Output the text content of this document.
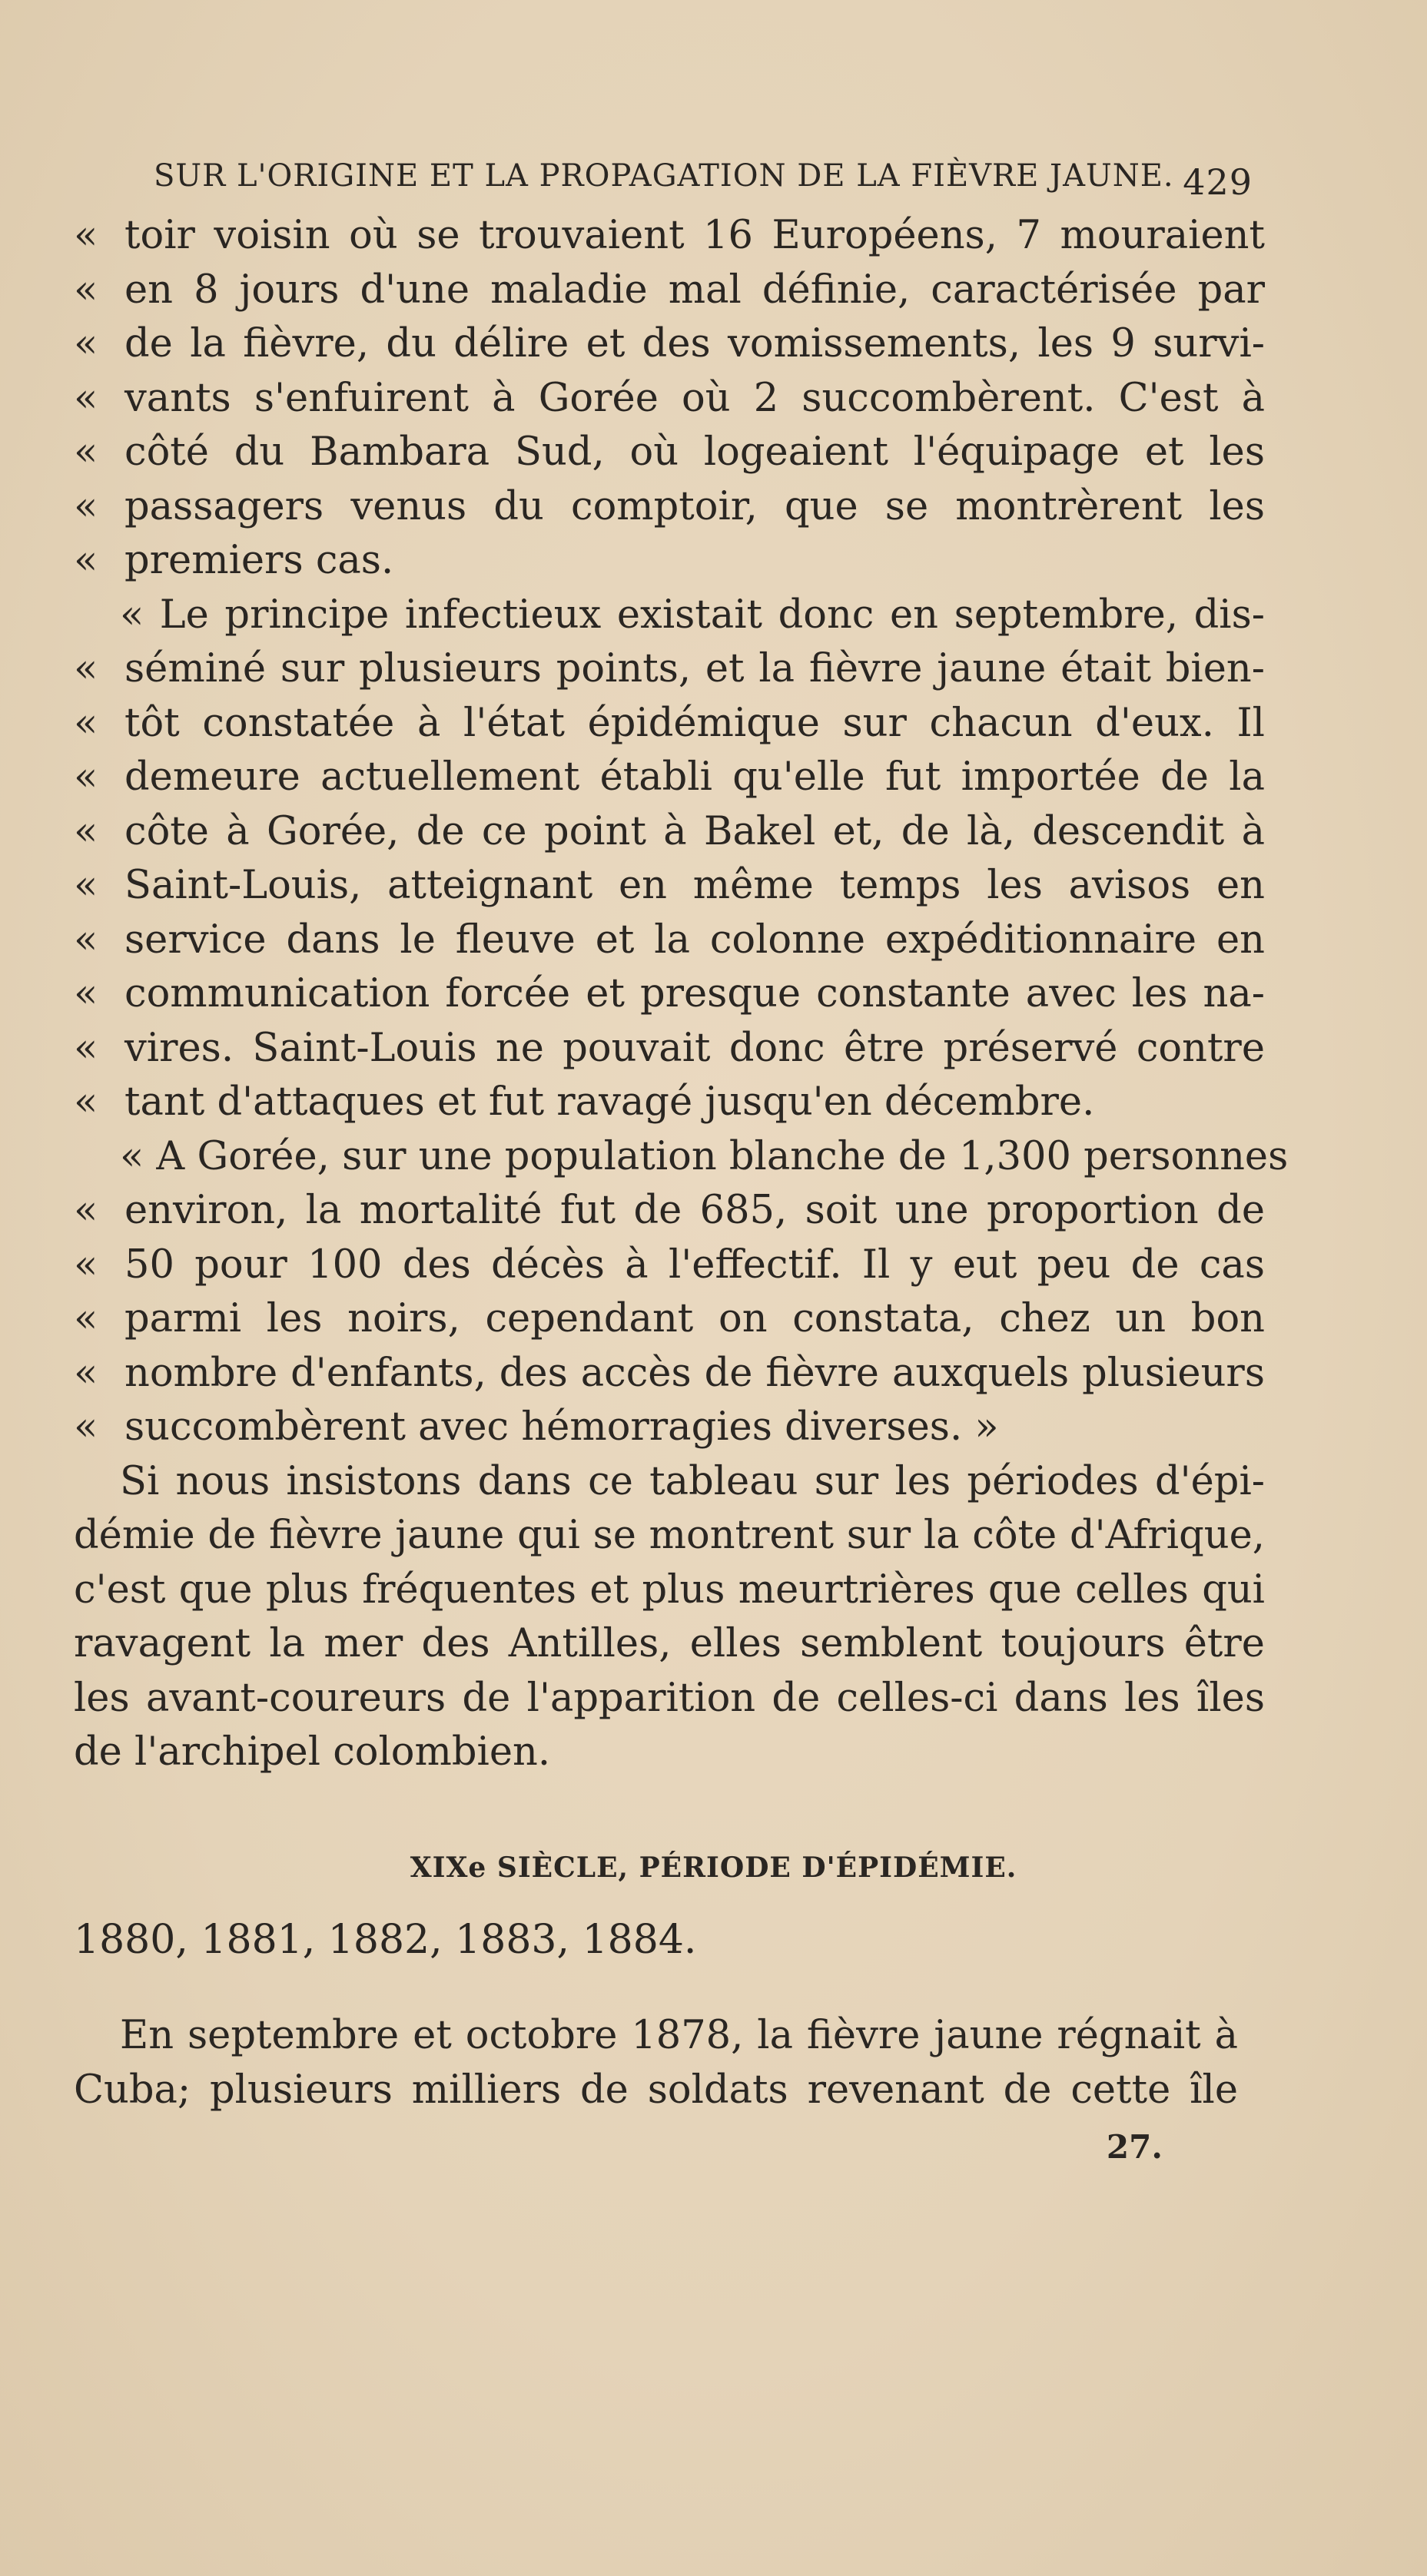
SUR L'ORIGINE ET LA PROPAGATION DE LA FIÈVRE JAUNE. 429
« toir voisin où se trouvaient 16 Européens, 7 mouraient
« en 8 jours d'une maladie mal définie, caractérisée par
« de la fièvre, du délire et des vomissements, les 9 survi-
« vants s'enfuirent à Gorée où 2 succombèrent. C'est à
« côté du Bambara Sud, où logeaient l'équipage et les
« passagers venus du comptoir, que se montrèrent les
« premiers cas.
« Le principe infectieux existait donc en septembre, dis-
« séminé sur plusieurs points, et la fièvre jaune était bien-
« tôt constatée à l'état épidémique sur chacun d'eux. Il
« demeure actuellement établi qu'elle fut importée de la
« côte à Gorée, de ce point à Bakel et, de là, descendit à
« Saint-Louis, atteignant en même temps les avisos en
« service dans le fleuve et la colonne expéditionnaire en
« communication forcée et presque constante avec les na-
« vires. Saint-Louis ne pouvait donc être préservé contre
« tant d'attaques et fut ravagé jusqu'en décembre.
« A Gorée, sur une population blanche de 1,300 personnes
« environ, la mortalité fut de 685, soit une proportion de
« 50 pour 100 des décès à l'effectif. Il y eut peu de cas
« parmi les noirs, cependant on constata, chez un bon
« nombre d'enfants, des accès de fièvre auxquels plusieurs
« succombèrent avec hémorragies diverses. »
Si nous insistons dans ce tableau sur les périodes d'épi-
démie de fièvre jaune qui se montrent sur la côte d'Afrique,
c'est que plus fréquentes et plus meurtrières que celles qui
ravagent la mer des Antilles, elles semblent toujours être
les avant-coureurs de l'apparition de celles-ci dans les îles
de l'archipel colombien.
XIXe SIÈCLE, PÉRIODE D'ÉPIDÉMIE.
1880, 1881, 1882, 1883, 1884.
En septembre et octobre 1878, la fièvre jaune régnait à
Cuba; plusieurs milliers de soldats revenant de cette île
27.
